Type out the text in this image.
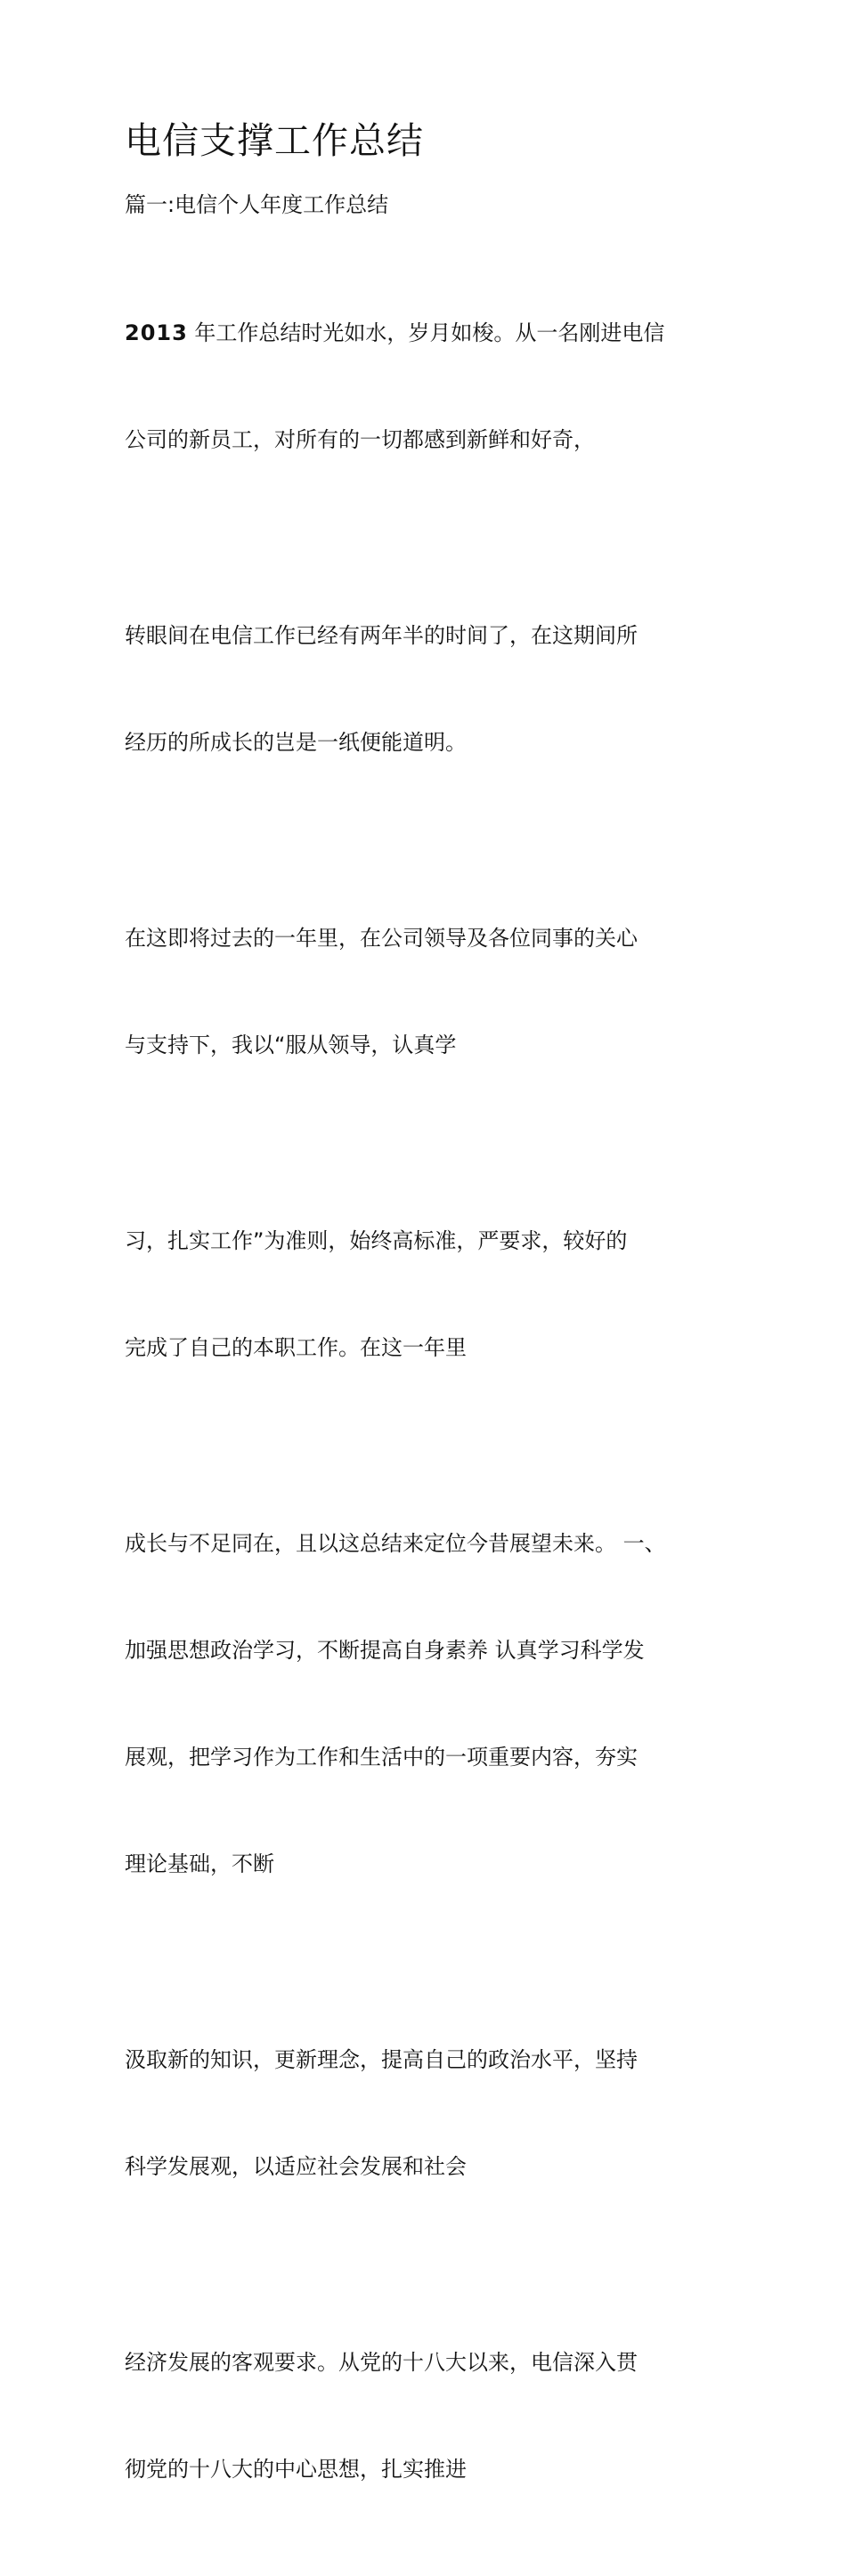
电信支撑工作总结
篇一:电信个人年度工作总结

2013 年工作总结时光如水，岁月如梭。从一名刚进电信

公司的新员工，对所有的一切都感到新鲜和好奇，

转眼间在电信工作已经有两年半的时间了，在这期间所

经历的所成长的岂是一纸便能道明。

在这即将过去的一年里，在公司领导及各位同事的关心

与支持下，我以“服从领导，认真学

习，扎实工作”为准则，始终高标准，严要求，较好的

完成了自己的本职工作。在这一年里

成长与不足同在，且以这总结来定位今昔展望未来。 一、

加强思想政治学习，不断提高自身素养 认真学习科学发

展观，把学习作为工作和生活中的一项重要内容，夯实

理论基础，不断

汲取新的知识，更新理念，提高自己的政治水平，坚持

科学发展观，以适应社会发展和社会

经济发展的客观要求。从党的十八大以来，电信深入贯

彻党的十八大的中心思想，扎实推进
